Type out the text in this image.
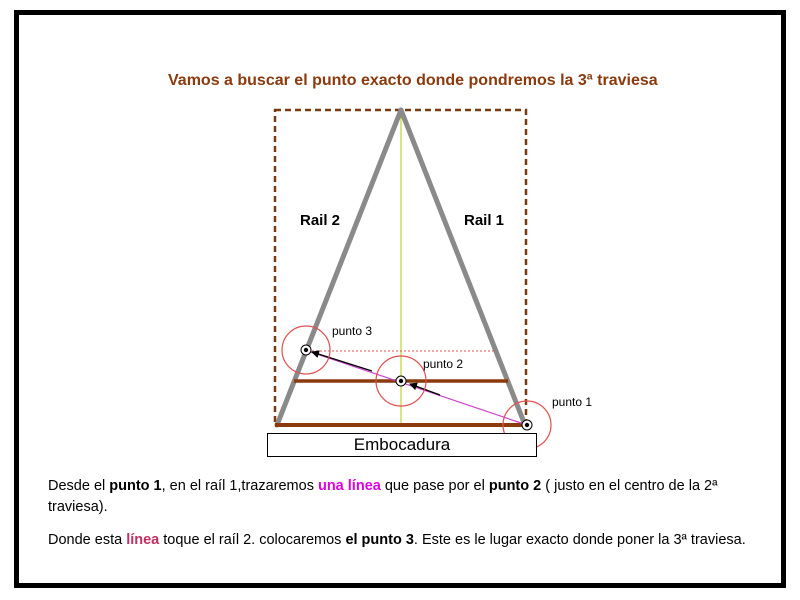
Vamos a buscar el punto exacto donde pondremos la 3ª traviesa
Rail 2	Rail 1
punto 3
punto 2
punto 1
Embocadura
Desde el punto 1, en el raíl 1,trazaremos una línea que pase por el punto 2 ( justo en el centro de la 2ª traviesa).
Donde esta línea toque el raíl 2. colocaremos el punto 3. Este es le lugar exacto donde poner la 3ª traviesa.
